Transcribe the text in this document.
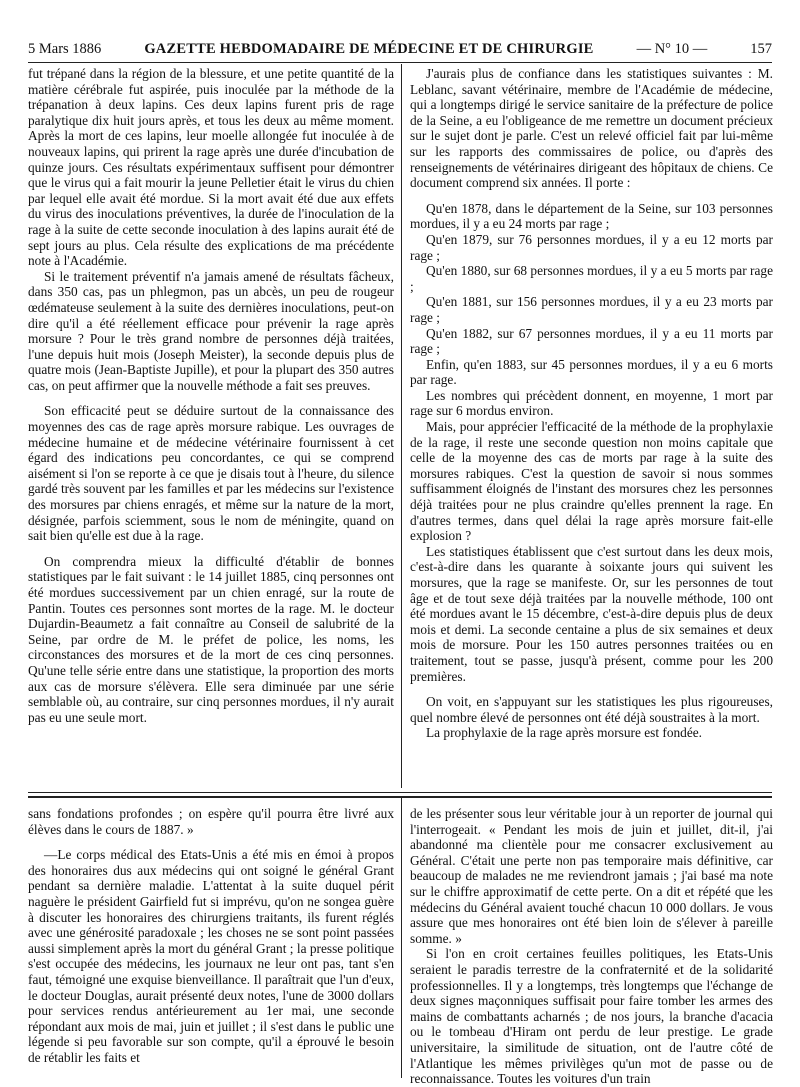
5 Mars 1886	GAZETTE HEBDOMADAIRE DE MÉDECINE ET DE CHIRURGIE	— N° 10 —	157

fut trépané dans la région de la blessure, et une petite quantité de la matière cérébrale fut aspirée, puis inoculée par la méthode de la trépanation à deux lapins. Ces deux lapins furent pris de rage paralytique dix huit jours après, et tous les deux au même moment. Après la mort de ces lapins, leur moelle allongée fut inoculée à de nouveaux lapins, qui prirent la rage après une durée d'incubation de quinze jours. Ces résultats expérimentaux suffisent pour démontrer que le virus qui a fait mourir la jeune Pelletier était le virus du chien par lequel elle avait été mordue. Si la mort avait été due aux effets du virus des inoculations préventives, la durée de l'inoculation de la rage à la suite de cette seconde inoculation à des lapins aurait été de sept jours au plus. Cela résulte des explications de ma précédente note à l'Académie.

Si le traitement préventif n'a jamais amené de résultats fâcheux, dans 350 cas, pas un phlegmon, pas un abcès, un peu de rougeur œdémateuse seulement à la suite des dernières inoculations, peut-on dire qu'il a été réellement efficace pour prévenir la rage après morsure ? Pour le très grand nombre de personnes déjà traitées, l'une depuis huit mois (Joseph Meister), la seconde depuis plus de quatre mois (Jean-Baptiste Jupille), et pour la plupart des 350 autres cas, on peut affirmer que la nouvelle méthode a fait ses preuves.

Son efficacité peut se déduire surtout de la connaissance des moyennes des cas de rage après morsure rabique. Les ouvrages de médecine humaine et de médecine vétérinaire fournissent à cet égard des indications peu concordantes, ce qui se comprend aisément si l'on se reporte à ce que je disais tout à l'heure, du silence gardé très souvent par les familles et par les médecins sur l'existence des morsures par chiens enragés, et même sur la nature de la mort, désignée, parfois sciemment, sous le nom de méningite, quand on sait bien qu'elle est due à la rage.

On comprendra mieux la difficulté d'établir de bonnes statistiques par le fait suivant : le 14 juillet 1885, cinq personnes ont été mordues successivement par un chien enragé, sur la route de Pantin. Toutes ces personnes sont mortes de la rage. M. le docteur Dujardin-Beaumetz a fait connaître au Conseil de salubrité de la Seine, par ordre de M. le préfet de police, les noms, les circonstances des morsures et de la mort de ces cinq personnes. Qu'une telle série entre dans une statistique, la proportion des morts aux cas de morsure s'élèvera. Elle sera diminuée par une série semblable où, au contraire, sur cinq personnes mordues, il n'y aurait pas eu une seule mort.

J'aurais plus de confiance dans les statistiques suivantes : M. Leblanc, savant vétérinaire, membre de l'Académie de médecine, qui a longtemps dirigé le service sanitaire de la préfecture de police de la Seine, a eu l'obligeance de me remettre un document précieux sur le sujet dont je parle. C'est un relevé officiel fait par lui-même sur les rapports des commissaires de police, ou d'après des renseignements de vétérinaires dirigeant des hôpitaux de chiens. Ce document comprend six années. Il porte :

Qu'en 1878, dans le département de la Seine, sur 103 personnes mordues, il y a eu 24 morts par rage ;

Qu'en 1879, sur 76 personnes mordues, il y a eu 12 morts par rage ;

Qu'en 1880, sur 68 personnes mordues, il y a eu 5 morts par rage ;

Qu'en 1881, sur 156 personnes mordues, il y a eu 23 morts par rage ;

Qu'en 1882, sur 67 personnes mordues, il y a eu 11 morts par rage ;

Enfin, qu'en 1883, sur 45 personnes mordues, il y a eu 6 morts par rage.

Les nombres qui précèdent donnent, en moyenne, 1 mort par rage sur 6 mordus environ.

Mais, pour apprécier l'efficacité de la méthode de la prophylaxie de la rage, il reste une seconde question non moins capitale que celle de la moyenne des cas de morts par rage à la suite des morsures rabiques. C'est la question de savoir si nous sommes suffisamment éloignés de l'instant des morsures chez les personnes déjà traitées pour ne plus craindre qu'elles prennent la rage. En d'autres termes, dans quel délai la rage après morsure fait-elle explosion ?

Les statistiques établissent que c'est surtout dans les deux mois, c'est-à-dire dans les quarante à soixante jours qui suivent les morsures, que la rage se manifeste. Or, sur les personnes de tout âge et de tout sexe déjà traitées par la nouvelle méthode, 100 ont été mordues avant le 15 décembre, c'est-à-dire depuis plus de deux mois et demi. La seconde centaine a plus de six semaines et deux mois de morsure. Pour les 150 autres personnes traitées ou en traitement, tout se passe, jusqu'à présent, comme pour les 200 premières.

On voit, en s'appuyant sur les statistiques les plus rigoureuses, quel nombre élevé de personnes ont été déjà soustraites à la mort.

La prophylaxie de la rage après morsure est fondée.

sans fondations profondes ; on espère qu'il pourra être livré aux élèves dans le cours de 1887. »

—Le corps médical des Etats-Unis a été mis en émoi à propos des honoraires dus aux médecins qui ont soigné le général Grant pendant sa dernière maladie. L'attentat à la suite duquel périt naguère le président Gairfield fut si imprévu, qu'on ne songea guère à discuter les honoraires des chirurgiens traitants, ils furent réglés avec une générosité paradoxale ; les choses ne se sont point passées aussi simplement après la mort du général Grant ; la presse politique s'est occupée des médecins, les journaux ne leur ont pas, tant s'en faut, témoigné une exquise bienveillance. Il paraîtrait que l'un d'eux, le docteur Douglas, aurait présenté deux notes, l'une de 3000 dollars pour services rendus antérieurement au 1er mai, une seconde répondant aux mois de mai, juin et juillet ; il s'est dans le public une légende si peu favorable sur son compte, qu'il a éprouvé le besoin de rétablir les faits et

de les présenter sous leur véritable jour à un reporter de journal qui l'interrogeait. « Pendant les mois de juin et juillet, dit-il, j'ai abandonné ma clientèle pour me consacrer exclusivement au Général. C'était une perte non pas temporaire mais définitive, car beaucoup de malades ne me reviendront jamais ; j'ai basé ma note sur le chiffre approximatif de cette perte. On a dit et répété que les médecins du Général avaient touché chacun 10 000 dollars. Je vous assure que mes honoraires ont été bien loin de s'élever à pareille somme. »

Si l'on en croit certaines feuilles politiques, les Etats-Unis seraient le paradis terrestre de la confraternité et de la solidarité professionnelles. Il y a longtemps, très longtemps que l'échange de deux signes maçonniques suffisait pour faire tomber les armes des mains de combattants acharnés ; de nos jours, la branche d'acacia ou le tombeau d'Hiram ont perdu de leur prestige. Le grade universitaire, la similitude de situation, ont de l'autre côté de l'Atlantique les mêmes privilèges qu'un mot de passe ou de reconnaissance. Toutes les voitures d'un train
